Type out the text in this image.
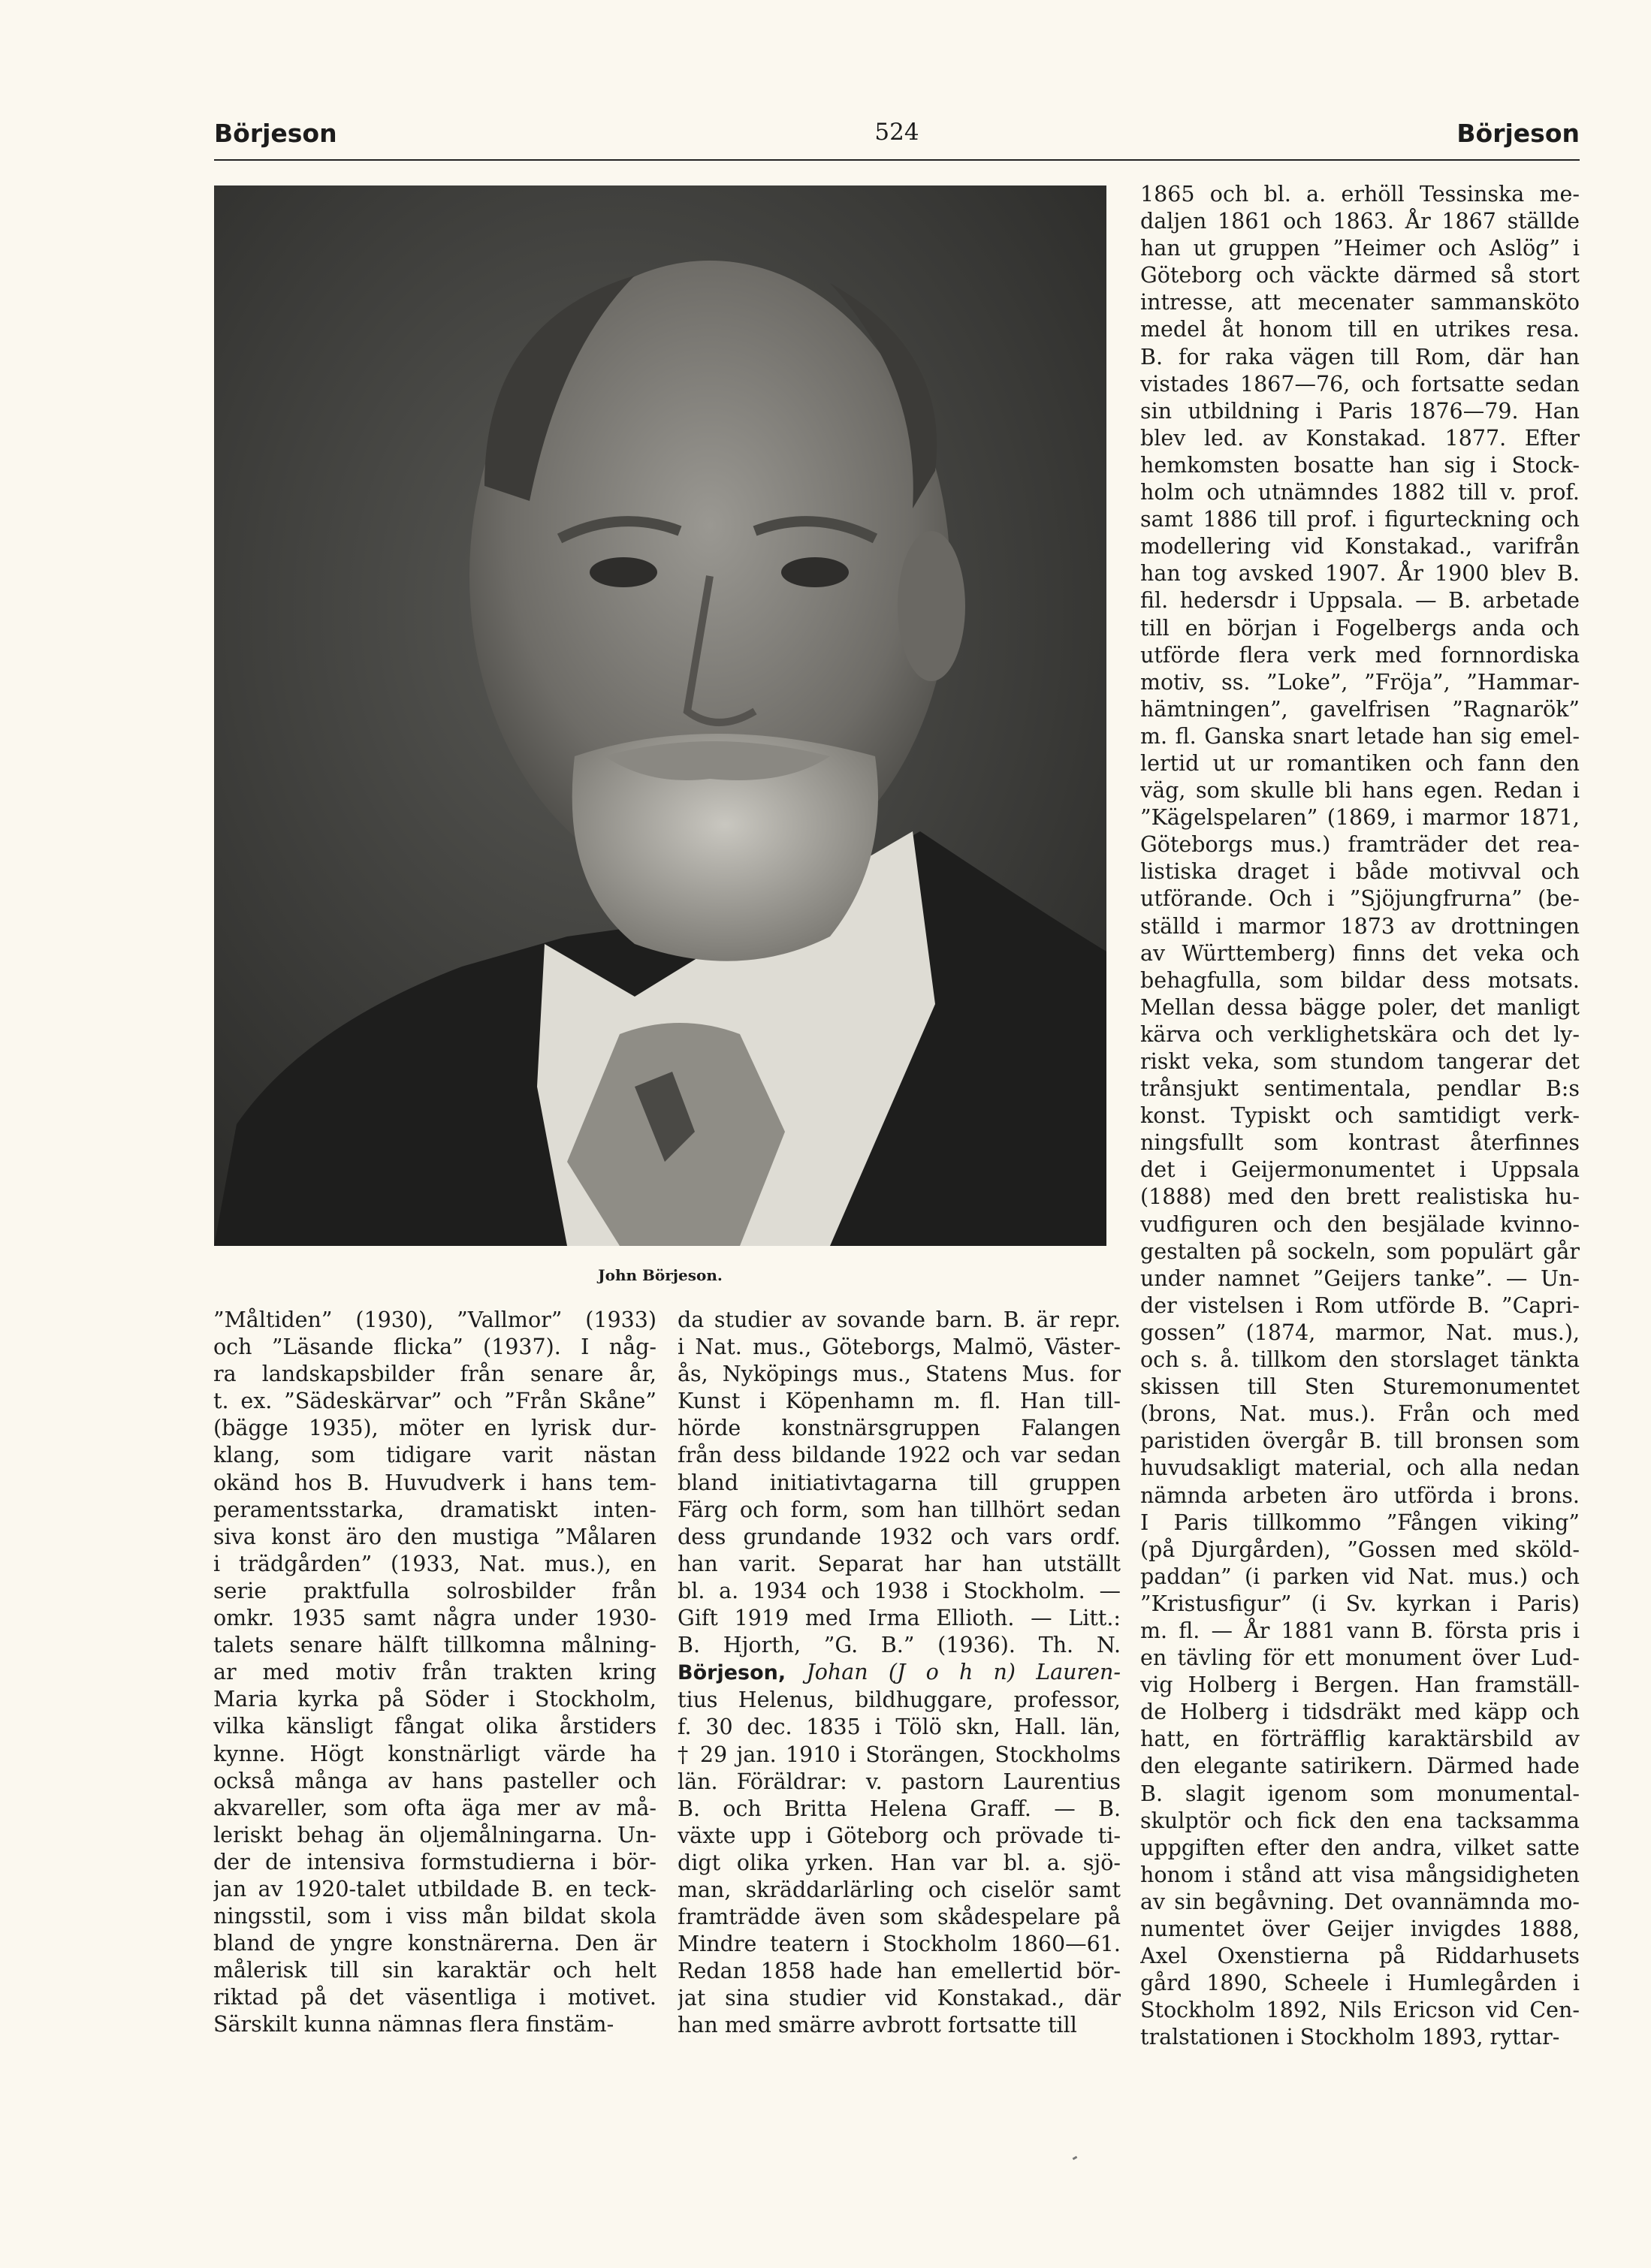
Börjeson	524	Börjeson
John Börjeson.
”Måltiden” (1930), ”Vallmor” (1933)
och ”Läsande flicka” (1937). I någ-
ra landskapsbilder från senare år,
t. ex. ”Sädeskärvar” och ”Från Skåne”
(bägge 1935), möter en lyrisk dur-
klang, som tidigare varit nästan
okänd hos B. Huvudverk i hans tem-
peramentsstarka, dramatiskt inten-
siva konst äro den mustiga ”Målaren
i trädgården” (1933, Nat. mus.), en
serie praktfulla solrosbilder från
omkr. 1935 samt några under 1930-
talets senare hälft tillkomna målning-
ar med motiv från trakten kring
Maria kyrka på Söder i Stockholm,
vilka känsligt fångat olika årstiders
kynne. Högt konstnärligt värde ha
också många av hans pasteller och
akvareller, som ofta äga mer av må-
leriskt behag än oljemålningarna. Un-
der de intensiva formstudierna i bör-
jan av 1920-talet utbildade B. en teck-
ningsstil, som i viss mån bildat skola
bland de yngre konstnärerna. Den är
målerisk till sin karaktär och helt
riktad på det väsentliga i motivet.
Särskilt kunna nämnas flera finstäm-
da studier av sovande barn. B. är repr.
i Nat. mus., Göteborgs, Malmö, Väster-
ås, Nyköpings mus., Statens Mus. for
Kunst i Köpenhamn m. fl. Han till-
hörde konstnärsgruppen Falangen
från dess bildande 1922 och var sedan
bland initiativtagarna till gruppen
Färg och form, som han tillhört sedan
dess grundande 1932 och vars ordf.
han varit. Separat har han utställt
bl. a. 1934 och 1938 i Stockholm. —
Gift 1919 med Irma Ellioth. — Litt.:
B. Hjorth, ”G. B.” (1936). Th. N.
Börjeson, Johan (J o h n) Lauren-
tius Helenus, bildhuggare, professor,
f. 30 dec. 1835 i Tölö skn, Hall. län,
† 29 jan. 1910 i Storängen, Stockholms
län. Föräldrar: v. pastorn Laurentius
B. och Britta Helena Graff. — B.
växte upp i Göteborg och prövade ti-
digt olika yrken. Han var bl. a. sjö-
man, skräddarlärling och ciselör samt
framträdde även som skådespelare på
Mindre teatern i Stockholm 1860—61.
Redan 1858 hade han emellertid bör-
jat sina studier vid Konstakad., där
han med smärre avbrott fortsatte till
1865 och bl. a. erhöll Tessinska me-
daljen 1861 och 1863. År 1867 ställde
han ut gruppen ”Heimer och Aslög” i
Göteborg och väckte därmed så stort
intresse, att mecenater sammansköto
medel åt honom till en utrikes resa.
B. for raka vägen till Rom, där han
vistades 1867—76, och fortsatte sedan
sin utbildning i Paris 1876—79. Han
blev led. av Konstakad. 1877. Efter
hemkomsten bosatte han sig i Stock-
holm och utnämndes 1882 till v. prof.
samt 1886 till prof. i figurteckning och
modellering vid Konstakad., varifrån
han tog avsked 1907. År 1900 blev B.
fil. hedersdr i Uppsala. — B. arbetade
till en början i Fogelbergs anda och
utförde flera verk med fornnordiska
motiv, ss. ”Loke”, ”Fröja”, ”Hammar-
hämtningen”, gavelfrisen ”Ragnarök”
m. fl. Ganska snart letade han sig emel-
lertid ut ur romantiken och fann den
väg, som skulle bli hans egen. Redan i
”Kägelspelaren” (1869, i marmor 1871,
Göteborgs mus.) framträder det rea-
listiska draget i både motivval och
utförande. Och i ”Sjöjungfrurna” (be-
ställd i marmor 1873 av drottningen
av Württemberg) finns det veka och
behagfulla, som bildar dess motsats.
Mellan dessa bägge poler, det manligt
kärva och verklighetskära och det ly-
riskt veka, som stundom tangerar det
trånsjukt sentimentala, pendlar B:s
konst. Typiskt och samtidigt verk-
ningsfullt som kontrast återfinnes
det i Geijermonumentet i Uppsala
(1888) med den brett realistiska hu-
vudfiguren och den besjälade kvinno-
gestalten på sockeln, som populärt går
under namnet ”Geijers tanke”. — Un-
der vistelsen i Rom utförde B. ”Capri-
gossen” (1874, marmor, Nat. mus.),
och s. å. tillkom den storslaget tänkta
skissen till Sten Sturemonumentet
(brons, Nat. mus.). Från och med
paristiden övergår B. till bronsen som
huvudsakligt material, och alla nedan
nämnda arbeten äro utförda i brons.
I Paris tillkommo ”Fången viking”
(på Djurgården), ”Gossen med sköld-
paddan” (i parken vid Nat. mus.) och
”Kristusfigur” (i Sv. kyrkan i Paris)
m. fl. — År 1881 vann B. första pris i
en tävling för ett monument över Lud-
vig Holberg i Bergen. Han framställ-
de Holberg i tidsdräkt med käpp och
hatt, en förträfflig karaktärsbild av
den elegante satirikern. Därmed hade
B. slagit igenom som monumental-
skulptör och fick den ena tacksamma
uppgiften efter den andra, vilket satte
honom i stånd att visa mångsidigheten
av sin begåvning. Det ovannämnda mo-
numentet över Geijer invigdes 1888,
Axel Oxenstierna på Riddarhusets
gård 1890, Scheele i Humlegården i
Stockholm 1892, Nils Ericson vid Cen-
tralstationen i Stockholm 1893, ryttar-
